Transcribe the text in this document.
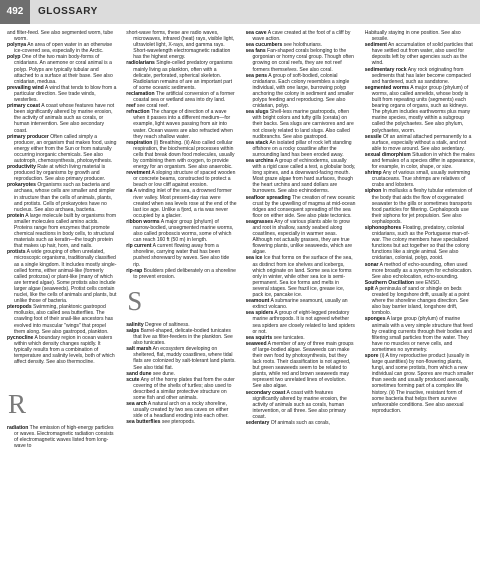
492	GLOSSARY

and filter-feed. See also segmented worm, tube worm.

polynya An area of open water in an otherwise ice-covered sea, especially in the Arctic.

polyp One of the two main body-forms of cnidarians. An anemone or coral animal is a polyp. Polyps are typically tubular and attached to a surface at their base. See also cnidarian, medusa.

prevailing wind A wind that tends to blow from a particular direction. See trade winds, westerlies.

primary coast A coast whose features have not been significantly altered by marine erosion, the activity of animals such as corals, or human intervention. See also secondary coast.

primary producer Often called simply a producer, an organism that makes food, using energy either from the Sun or from naturally occurring inorganic chemicals. See also autotroph, chemosynthesis, photosynthesis.

productivity Rate at which living material is produced by organisms by growth and reproduction. See also primary producer.

prokaryotes Organisms such as bacteria and archaea, whose cells are smaller and simpler in structure than the cells of animals, plants, and protists. Cells of prokaryotes have no nucleus. See also archaea, bacteria.

protein A large molecule built by organisms from smaller molecules called amino acids. Proteins range from enzymes that promote chemical reactions in body cells, to structural materials such as keratin—the tough protein that makes up hair, horn, and nails.

protists A wide grouping of often unrelated, microscopic organisms, traditionally classified as a single kingdom. It includes mostly single-celled forms, either animal-like (formerly called protozoa) or plant-like (many of which are termed algae). Some protists also include larger algae (seaweeds). Protist cells contain nuclei, like the cells of animals and plants, but unlike those of bacteria.

pteropods Swimming, planktonic gastropod mollusks, also called sea butterflies. The crawling foot of their snail-like ancestors has evolved into muscular "wings" that propel them along. See also gastropod, plankton.

pycnocline A boundary region in ocean waters within which density changes rapidly. It typically results from a combination of temperature and salinity levels, both of which affect density. See also thermocline.

R

radiation The emission of high-energy particles or waves. Electromagnetic radiation consists of electromagnetic waves listed from long-wave to

short-wave forms, these are radio waves, microwaves, infrared (heat) rays, visible light, ultraviolet light, X-rays, and gamma rays. Short-wavelength electromagnetic radiation has the highest energy.

radiolarians Single-celled predatory organisms mainly living as plankton, often with a delicate, perforated, spherical skeleton. Radiolarian remains of are an important part of some oceanic sediments.

reclamation The artificial conversion of a former coastal sea or wetland area into dry land.

reef see coral reef.

refraction The change of direction of a wave when it passes into a different medium—for example, light waves passing from air into water. Ocean waves are also refracted when they reach shallow water.

respiration (i) Breathing. (ii) Also called cellular respiration, the biochemical processes within cells that break down food molecules, usually by combining them with oxygen, to provide energy for an organism. See also anaerobic.

revetment A sloping structure of spaced wooden or concrete beams, constructed to protect a beach or low cliff against erosion.

ria A winding inlet of the sea, a drowned former river valley. Most present-day rias were created when sea levels rose at the end of the last ice age. Unlike a fjord, a ria was never occupied by a glacier.

ribbon worms A major group (phylum) of narrow-bodied, unsegmented marine worms, also called proboscis worms, some of which can reach 160 ft (50 m) in length.

rip current A current flowing away from a shoreline, carrying water that has been pushed shoreward by waves. See also tide rip.

rip-rap Boulders piled deliberately on a shoreline to prevent erosion.

S

salinity Degree of saltiness.

salps Barrel-shaped, delicate-bodied tunicates that live as filter-feeders in the plankton. See also tunicates.

salt marsh An ecosystem developing on sheltered, flat, muddy coastlines, where tidal flats are colonized by salt-tolerant land plants. See also tidal flat.

sand dune see dune.

scute Any of the horny plates that form the outer covering of the shells of turtles; also used to described a similar protective structure on some fish and other animals.

sea arch A natural arch on a rocky shoreline, usually created by two sea caves on either side of a headland eroding into each other.

sea butterflies see pteropods.

sea cave A cave created at the foot of a cliff by wave action.

sea cucumbers see holothurians.

sea fans Fan-shaped corals belonging to the gorgonian or horny coral group. Though often growing on coral reefs, they are not reef formers themselves. See also coral.

sea pens A group of soft-bodied, colonial cnidarians. Each colony resembles a single individual, with one large, burrowing polyp anchoring the colony in sediment and smaller polyps feeding and reproducing. See also cnidarian, polyp.

sea slugs Shell-less marine gastropods, often with bright colors and tufty gills (cerata) on their backs. Sea slugs are carnivores and are not closely related to land slugs. Also called nudibranchs. See also gastropod.

sea stack An isolated pillar of rock left standing offshore on a rocky coastline after the surrounding land has been eroded away.

sea urchins A group of echinoderms, usually with a rigid case called a test, a globular body, long spines, and a downward-facing mouth. Most graze algae from hard surfaces, though the heart urchins and sand dollars are burrowers. See also echinoderms.

seafloor spreading The creation of new oceanic crust by the upwelling of magma at mid-ocean ridges and consequent spreading of the sea floor on either side. See also plate tectonics.

seagrasses Any of various plants able to grow and root in shallow, sandy seabed along coastlines, especially in warmer seas. Although not actually grasses, they are true flowering plants, unlike seaweeds, which are algae.

sea ice Ice that forms on the surface of the sea, as distinct from ice shelves and icebergs, which originate on land. Some sea ice forms only in winter, while other sea ice is semi-permanent. Sea ice forms and melts in several stages. See frazil ice, grease ice, pack ice, pancake ice.

seamount A submarine seamount, usually an extinct volcano.

sea spiders A group of eight-legged predatory marine arthropods. It is not agreed whether sea spiders are closely related to land spiders or not.

sea squirts see tunicates.

seaweed A member of any of three main groups of large-bodied algae. Seaweeds can make their own food by photosynthesis, but they lack roots. Their classification is not agreed, but green seaweeds seem to be related to plants, while red and brown seaweeds may represent two unrelated lines of evolution. See also algae.

secondary coast A coast with features significantly altered by marine erosion, the activity of animals such as corals, human intervention, or all three. See also primary coast.

sedentary Of animals such as corals,

Habitually staying in one position. See also sessile.

sediment An accumulation of solid particles that have settled out from water, also used for deposits left by other agencies such as the wind.

sedimentary rock Any rock originating from sediments that has later become compacted and hardened, such as sandstone.

segmented worms A major group (phylum) of worms, also called annelids, whose body is built from repeating units (segments) each bearing organs of organs, such as kidneys. The phylum includes earthworms plus many marine species, mostly within a subgroup called the polychaetes. See also phylum, polychaetes, worm.

sessile Of an animal attached permanently to a surface, especially without a stalk, and not able to move around. See also sedentary.

sexual dimorphism Situation in which the males and females of a species differ in appearance, for example, in color, shape, or size.

shrimp Any of various small, usually swimming crustaceans. True shrimps are relatives of crabs and lobsters.

siphon In mollusks a fleshy tubular extension of the body that aids the flow of oxygenated seawater to the gills or sometimes transports food particles for filtering. Cephalopods use their siphons for jet propulsion. See also cephalopods.

siphonophores Floating, predatory, colonial cnidarians, such as the Portuguese man-of-war. The colony members have specialized functions but act together so that the colony functions like a single animal. See also cnidarian, colonial, polyp, zooid.

sonar A method of echo-sounding, often used more broadly as a synonym for echolocation. See also echolocation, echo-sounding.

Southern Oscillation see ENSO.

spit A peninsula of sand or shingle on beds created by longshore drift, usually at a point where the shoreline changes direction. See also bay barrier island, longshore drift, tombolo.

sponges A large group (phylum) of marine animals with a very simple structure that feed by creating currents through their bodies and filtering small particles from the water. They have no muscles or nerve cells, and sometimes no symmetry.

spore (i) A tiny reproductive product (usually in large quantities) by non-flowering plants, fungi, and some protists, from which a new individual can grow. Spores are much smaller than seeds and usually produced asexually, sometimes forming part of a complex life history. (ii) The inactive, resistant form of some bacteria that helps them survive unfavorable conditions. See also asexual reproduction.
